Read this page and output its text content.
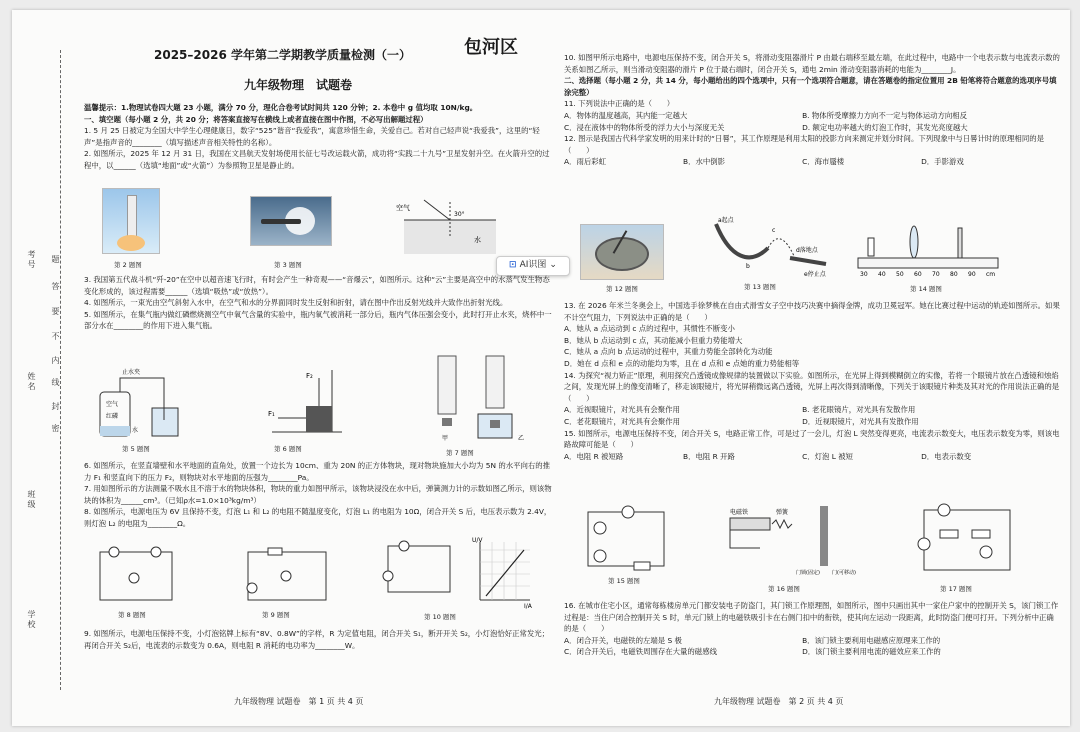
考号
姓名
班级
学校
题
答
要
不
内
线
封
密
2025–2026 学年第二学期教学质量检测（一）	包河区
九年级物理　试题卷

温馨提示：1.物理试卷四大题 23 小题，满分 70 分，理化合卷考试时间共 120 分钟；2. 本卷中 g 值均取 10N/kg。

一、填空题（每小题 2 分，共 20 分；将答案直接写在横线上或者直接在图中作图，不必写出解题过程）

1. 5 月 25 日被定为全国大中学生心理健康日，数字“525”谐音“我爱我”，寓意珍惜生命，关爱自己。若对自己轻声说“我爱我”，这里的“轻声”是指声音的________（填写描述声音相关特性的名称）。

2. 如图所示，2025 年 12 月 31 日，我国在文昌航天发射场使用长征七号改运载火箭，成功将“实践二十九号”卫星发射升空。在火箭升空的过程中，以______（选填“地面”或“火箭”）为参照物卫星是静止的。

第 2 题图	第 3 题图
空气
水
30°
⊡ AI识图 ⌄

3. 我国第五代战斗机“歼-20”在空中以超音速飞行时，有时会产生一种奇观——“音爆云”，如图所示。这种“云”主要是高空中的水蒸气发生物态变化形成的，该过程需要______（选填“吸热”或“放热”）。

4. 如图所示，一束光由空气斜射入水中，在空气和水的分界面同时发生反射和折射，请在图中作出反射光线并大致作出折射光线。

5. 如图所示，在集气瓶内做红磷燃烧测空气中氧气含量的实验中，瓶内氧气被消耗一部分后，瓶内气体压强会变小，此时打开止水夹，烧杯中一部分水在________的作用下进入集气瓶。

止水夹
空气
红磷
水
第 5 题图
F₁
F₂
第 6 题图
甲	乙
第 7 题图

6. 如图所示，在竖直墙壁和水平地面的直角处，放置一个边长为 10cm、重为 20N 的正方体物块，现对物块施加大小均为 5N 的水平向右的推力 F₁ 和竖直向下的压力 F₂，则物块对水平地面的压强为________Pa。

7. 用如图所示的方法测量不吸水且不溶于水的物块体积，物块的重力如图甲所示，该物块浸没在水中后，弹簧测力计的示数如图乙所示，则该物块的体积为______cm³。（已知ρ水=1.0×10³kg/m³）

8. 如图所示，电源电压为 6V 且保持不变，灯泡 L₁ 和 L₂ 的电阻不随温度变化，灯泡 L₁ 的电阻为 10Ω，闭合开关 S 后，电压表示数为 2.4V，则灯泡 L₂ 的电阻为________Ω。

第 8 题图	第 9 题图
U/V
I/A
第 10 题图

9. 如图所示，电源电压保持不变，小灯泡铭牌上标有“8V、0.8W”的字样，R 为定值电阻，闭合开关 S₁，断开开关 S₂，小灯泡恰好正常发光；再闭合开关 S₂后，电流表的示数变为 0.6A，则电阻 R 消耗的电功率为________W。

九年级物理 试题卷　第 1 页 共 4 页

10. 如图甲所示电路中，电源电压保持不变，闭合开关 S，将滑动变阻器滑片 P 由最右端移至最左端，在此过程中，电路中一个电表示数与电流表示数的关系如图乙所示，则当滑动变阻器的滑片 P 位于最右端时，闭合开关 S，通电 2min 滑动变阻器消耗的电能为________J。

二、选择题（每小题 2 分，共 14 分，每小题给出的四个选项中，只有一个选项符合题意，请在答题卷的指定位置用 2B 铅笔将符合题意的选项序号填涂完整）

11. 下列说法中正确的是（　　）

A．物体的温度越高，其内能一定越大	B. 物体所受摩擦力方向不一定与物体运动方向相反

C．浸在液体中的物体所受的浮力大小与深度无关	D. 额定电功率越大的灯泡工作时，其发光亮度越大

12. 图示是我国古代科学家发明的用来计时的“日晷”，其工作原理是利用太阳的投影方向来测定并划分时间。下列现象中与日晷计时的原理相同的是（　　）

A．雨后彩虹	B．水中倒影	C．海市蜃楼	D．手影游戏

第 12 题图
a起点
b
c
d落地点
e停止点
第 13 题图
30 40 50 60 70 80 90 cm
第 14 题图

13. 在 2026 年米兰冬奥会上，中国选手徐梦桃在自由式滑雪女子空中技巧决赛中摘得金牌，成功卫冕冠军。她在比赛过程中运动的轨迹如图所示。如果不计空气阻力，下列说法中正确的是（　　）

A．她从 a 点运动到 c 点的过程中，其惯性不断变小

B．她从 b 点运动到 c 点，其动能减小但重力势能增大

C．她从 a 点向 b 点运动的过程中，其重力势能全部转化为动能

D．她在 d 点和 e 点的动能均为零，且在 d 点和 e 点她的重力势能相等

14. 为探究“视力矫正”原理，利用探究凸透镜成像规律的装置做以下实验。如图所示，在光屏上得到模糊倒立的实像，若将一个眼镜片放在凸透镜和烛焰之间，发现光屏上的像变清晰了，移走该眼镜片，将光屏稍微远离凸透镜，光屏上再次得到清晰像，下列关于该眼镜片种类及其对光的作用说法正确的是（　　）

A．近视眼镜片，对光具有会聚作用	B. 老花眼镜片，对光具有发散作用

C．老花眼镜片，对光具有会聚作用	D．近视眼镜片，对光具有发散作用

15. 如图所示，电源电压保持不变，闭合开关 S，电路正常工作，可是过了一会儿，灯泡 L 突然变得更亮，电流表示数变大，电压表示数变为零，则该电路故障可能是（　　）

A．电阻 R 被短路	B．电阻 R 开路	C．灯泡 L 被短	D．电表示数变

第 15 题图
电磁铁	弹簧
门锁(固定) 门(可移动)
第 16 题图	第 17 题图

16. 在城市住宅小区，通常每栋楼房单元门都安装电子防盗门，其门锁工作原理图，如图所示，图中只画出其中一家住户家中的控制开关 S，该门锁工作过程是：当住户闭合控制开关 S 时，单元门锁上的电磁铁吸引卡在右侧门扣中的衔铁，使其向左运动一段距离，此时防盗门便可打开。下列分析中正确的是（　　）

A．闭合开关，电磁铁的左端是 S 极	B．该门锁主要利用电磁感应原理来工作的

C．闭合开关后，电磁铁周围存在大量的磁感线	D．该门锁主要利用电流的磁效应来工作的

九年级物理 试题卷　第 2 页 共 4 页
